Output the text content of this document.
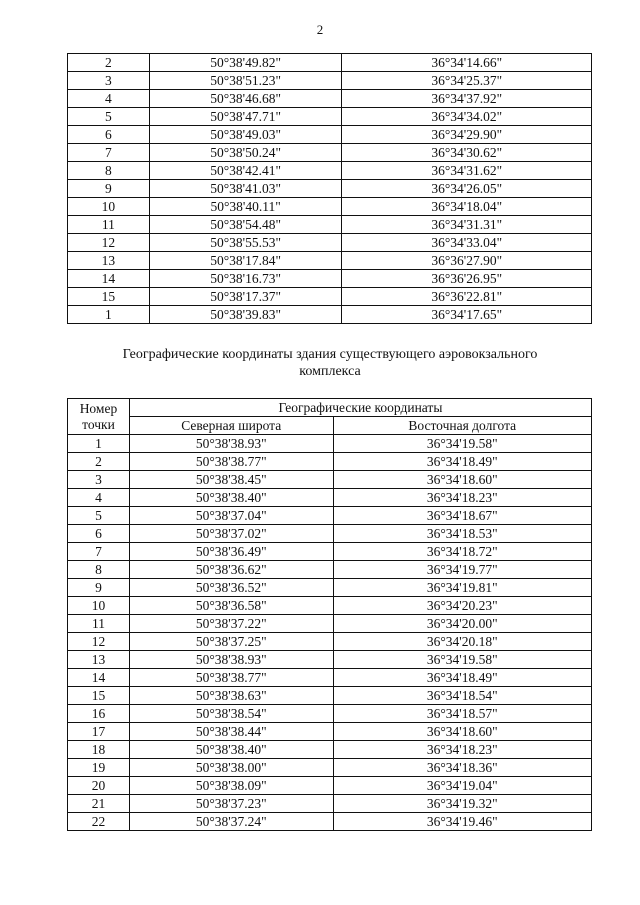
2
2	50°38'49.82"	36°34'14.66"
3	50°38'51.23"	36°34'25.37"
4	50°38'46.68"	36°34'37.92"
5	50°38'47.71"	36°34'34.02"
6	50°38'49.03"	36°34'29.90"
7	50°38'50.24"	36°34'30.62"
8	50°38'42.41"	36°34'31.62"
9	50°38'41.03"	36°34'26.05"
10	50°38'40.11"	36°34'18.04"
11	50°38'54.48"	36°34'31.31"
12	50°38'55.53"	36°34'33.04"
13	50°38'17.84"	36°36'27.90"
14	50°38'16.73"	36°36'26.95"
15	50°38'17.37"	36°36'22.81"
1	50°38'39.83"	36°34'17.65"
Географические координаты здания существующего аэровокзального
комплекса
Номер
точки	Географические координаты	
	Северная широта	Восточная долгота
1	50°38'38.93"	36°34'19.58"
2	50°38'38.77"	36°34'18.49"
3	50°38'38.45"	36°34'18.60"
4	50°38'38.40"	36°34'18.23"
5	50°38'37.04"	36°34'18.67"
6	50°38'37.02"	36°34'18.53"
7	50°38'36.49"	36°34'18.72"
8	50°38'36.62"	36°34'19.77"
9	50°38'36.52"	36°34'19.81"
10	50°38'36.58"	36°34'20.23"
11	50°38'37.22"	36°34'20.00"
12	50°38'37.25"	36°34'20.18"
13	50°38'38.93"	36°34'19.58"
14	50°38'38.77"	36°34'18.49"
15	50°38'38.63"	36°34'18.54"
16	50°38'38.54"	36°34'18.57"
17	50°38'38.44"	36°34'18.60"
18	50°38'38.40"	36°34'18.23"
19	50°38'38.00"	36°34'18.36"
20	50°38'38.09"	36°34'19.04"
21	50°38'37.23"	36°34'19.32"
22	50°38'37.24"	36°34'19.46"
